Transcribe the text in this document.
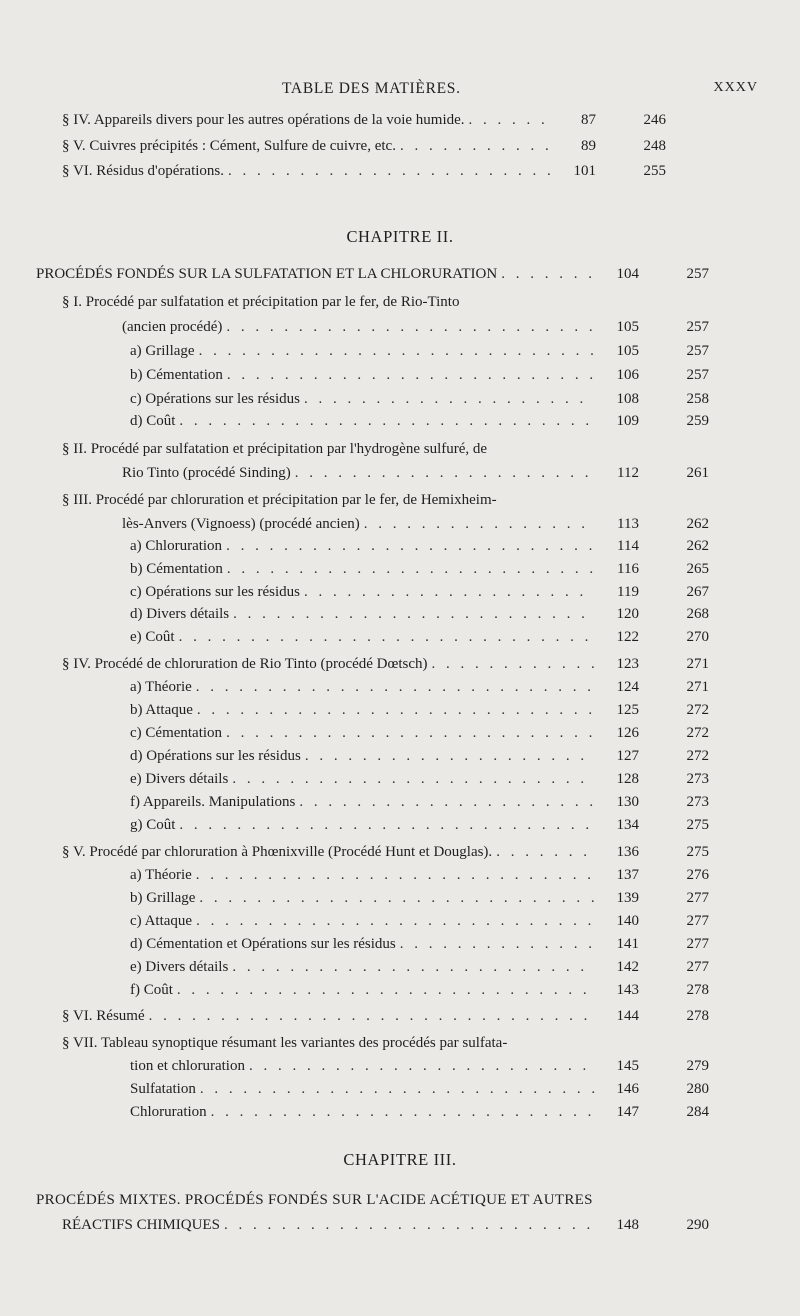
TABLE DES MATIÈRES.	XXXV
§ IV. Appareils divers pour les autres opérations de la voie humide. . . .	87	246
§ V. Cuivres précipités : Cément, Sulfure de cuivre, etc. . . .	89	248
§ VI. Résidus d'opérations. . . .	101	255
CHAPITRE II.
PROCÉDÉS FONDÉS SUR LA SULFATATION ET LA CHLORURATION . . .	104	257
§ I. Procédé par sulfatation et précipitation par le fer, de Rio-Tinto
(ancien procédé) . . .	105	257
a) Grillage . . .	105	257
b) Cémentation . . .	106	257
c) Opérations sur les résidus . . .	108	258
d) Coût . . .	109	259
§ II. Procédé par sulfatation et précipitation par l'hydrogène sulfuré, de
Rio Tinto (procédé Sinding) . . .	112	261
§ III. Procédé par chloruration et précipitation par le fer, de Hemixheim-
lès-Anvers (Vignoess) (procédé ancien) . . .	113	262
a) Chloruration . . .	114	262
b) Cémentation . . .	116	265
c) Opérations sur les résidus . . .	119	267
d) Divers détails . . .	120	268
e) Coût . . .	122	270
§ IV. Procédé de chloruration de Rio Tinto (procédé Dœtsch) . . .	123	271
a) Théorie . . .	124	271
b) Attaque . . .	125	272
c) Cémentation . . .	126	272
d) Opérations sur les résidus . . .	127	272
e) Divers détails . . .	128	273
f) Appareils. Manipulations . . .	130	273
g) Coût . . .	134	275
§ V. Procédé par chloruration à Phœnixville (Procédé Hunt et Douglas). . . .	136	275
a) Théorie . . .	137	276
b) Grillage . . .	139	277
c) Attaque . . .	140	277
d) Cémentation et Opérations sur les résidus . . .	141	277
e) Divers détails . . .	142	277
f) Coût . . .	143	278
§ VI. Résumé . . .	144	278
§ VII. Tableau synoptique résumant les variantes des procédés par sulfata-
tion et chloruration . . .	145	279
Sulfatation . . .	146	280
Chloruration . . .	147	284
CHAPITRE III.
PROCÉDÉS MIXTES. PROCÉDÉS FONDÉS SUR L'ACIDE ACÉTIQUE ET AUTRES
RÉACTIFS CHIMIQUES . . .	148	290
